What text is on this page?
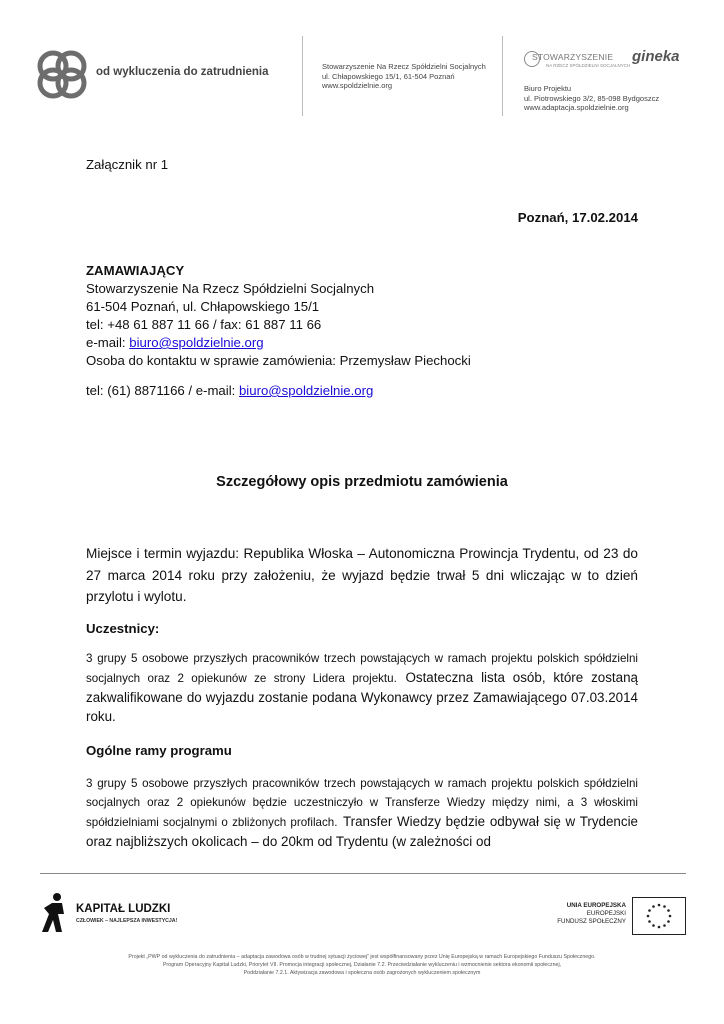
od wykluczenia do zatrudnienia	Stowarzyszenie Na Rzecz Spółdzielni Socjalnych
ul. Chłapowskiego 15/1, 61-504 Poznań
www.spoldzielnie.org
STOWARZYSZENIE
NA RZECZ SPÓŁDZIELNI SOCJALNYCH
gineka
Biuro Projektu
ul. Piotrowskiego 3/2, 85-098 Bydgoszcz
www.adaptacja.spoldzielnie.org
Załącznik nr 1
Poznań, 17.02.2014
ZAMAWIAJĄCY
Stowarzyszenie Na Rzecz Spółdzielni Socjalnych
61-504 Poznań, ul. Chłapowskiego 15/1
tel: +48 61 887 11 66 / fax: 61 887 11 66
e-mail: biuro@spoldzielnie.org
Osoba do kontaktu w sprawie zamówienia: Przemysław Piechocki
tel: (61) 8871166 / e-mail: biuro@spoldzielnie.org
Szczegółowy opis przedmiotu zamówienia
Miejsce i termin wyjazdu: Republika Włoska – Autonomiczna Prowincja Trydentu, od 23 do 27 marca 2014 roku przy założeniu, że wyjazd będzie trwał 5 dni wliczając w to dzień przylotu i wylotu.
Uczestnicy:
3 grupy 5 osobowe przyszłych pracowników trzech powstających w ramach projektu polskich spółdzielni socjalnych oraz 2 opiekunów ze strony Lidera projektu. Ostateczna lista osób, które zostaną zakwalifikowane do wyjazdu zostanie podana Wykonawcy przez Zamawiającego 07.03.2014 roku.
Ogólne ramy programu
3 grupy 5 osobowe przyszłych pracowników trzech powstających w ramach projektu polskich spółdzielni socjalnych oraz 2 opiekunów będzie uczestniczyło w Transferze Wiedzy między nimi, a 3 włoskimi spółdzielniami socjalnymi o zbliżonych profilach. Transfer Wiedzy będzie odbywał się w Trydencie oraz najbliższych okolicach – do 20km od Trydentu (w zależności od
KAPITAŁ LUDZKI
CZŁOWIEK – NAJLEPSZA INWESTYCJA!
UNIA EUROPEJSKA
EUROPEJSKI
FUNDUSZ SPOŁECZNY
Projekt „PWP od wykluczenia do zatrudnienia – adaptacja zawodowa osób w trudnej sytuacji życiowej” jest współfinansowany przez Unię Europejską w ramach Europejskiego Funduszu Społecznego.
Program Operacyjny Kapitał Ludzki, Priorytet VII. Promocja integracji społecznej, Działanie 7.2. Przeciwdziałanie wykluczeniu i wzmocnienie sektora ekonomii społecznej,
Poddziałanie 7.2.1. Aktywizacja zawodowa i społeczna osób zagrożonych wykluczeniem społecznym
